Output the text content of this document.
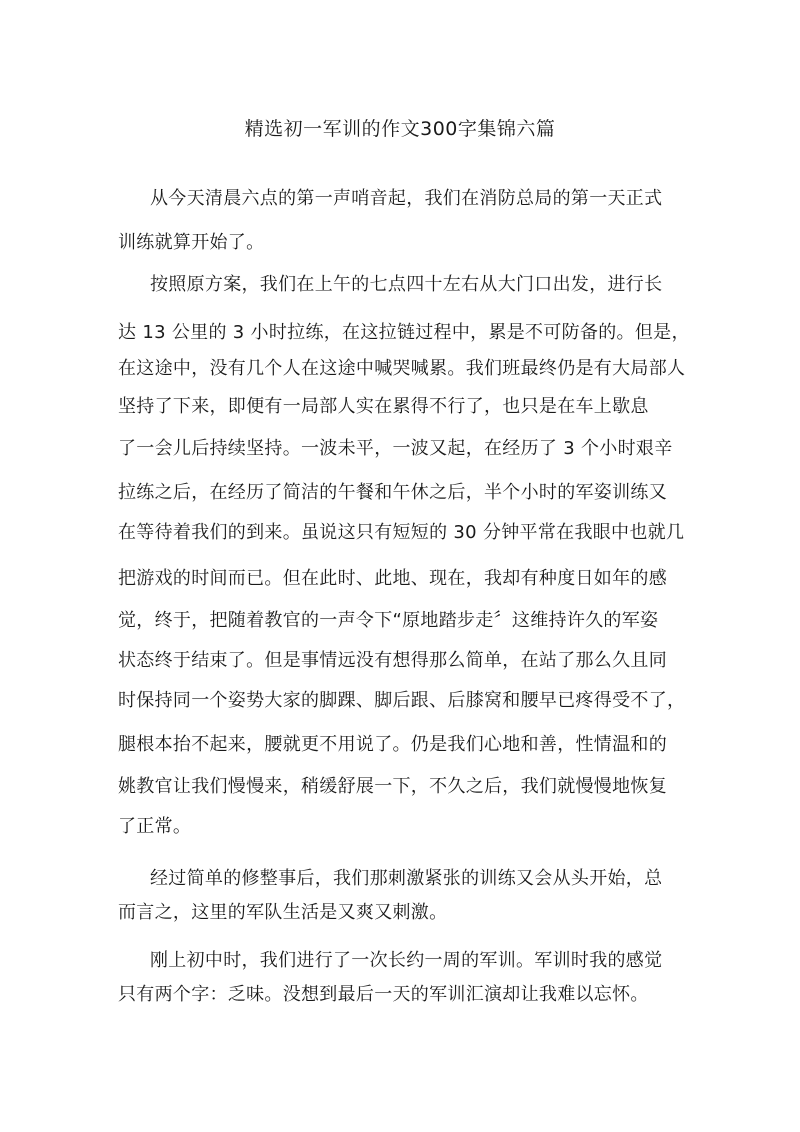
精选初一军训的作文300字集锦六篇
从今天清晨六点的第一声哨音起，我们在消防总局的第一天正式
训练就算开始了。
按照原方案，我们在上午的七点四十左右从大门口出发，进行长
达 13 公里的 3 小时拉练，在这拉链过程中，累是不可防备的。但是，
在这途中，没有几个人在这途中喊哭喊累。我们班最终仍是有大局部人
坚持了下来，即便有一局部人实在累得不行了，也只是在车上歇息
了一会儿后持续坚持。一波未平，一波又起，在经历了 3 个小时艰辛
拉练之后，在经历了简洁的午餐和午休之后，半个小时的军姿训练又
在等待着我们的到来。虽说这只有短短的 30 分钟平常在我眼中也就几
把游戏的时间而已。但在此时、此地、现在，我却有种度日如年的感
觉，终于，把随着教官的一声令下“原地踏步走〞这维持许久的军姿
状态终于结束了。但是事情远没有想得那么简单，在站了那么久且同
时保持同一个姿势大家的脚踝、脚后跟、后膝窝和腰早已疼得受不了，
腿根本抬不起来，腰就更不用说了。仍是我们心地和善，性情温和的
姚教官让我们慢慢来，稍缓舒展一下，不久之后，我们就慢慢地恢复
了正常。
经过简单的修整事后，我们那刺激紧张的训练又会从头开始，总
而言之，这里的军队生活是又爽又刺激。
刚上初中时，我们进行了一次长约一周的军训。军训时我的感觉
只有两个字：乏味。没想到最后一天的军训汇演却让我难以忘怀。
